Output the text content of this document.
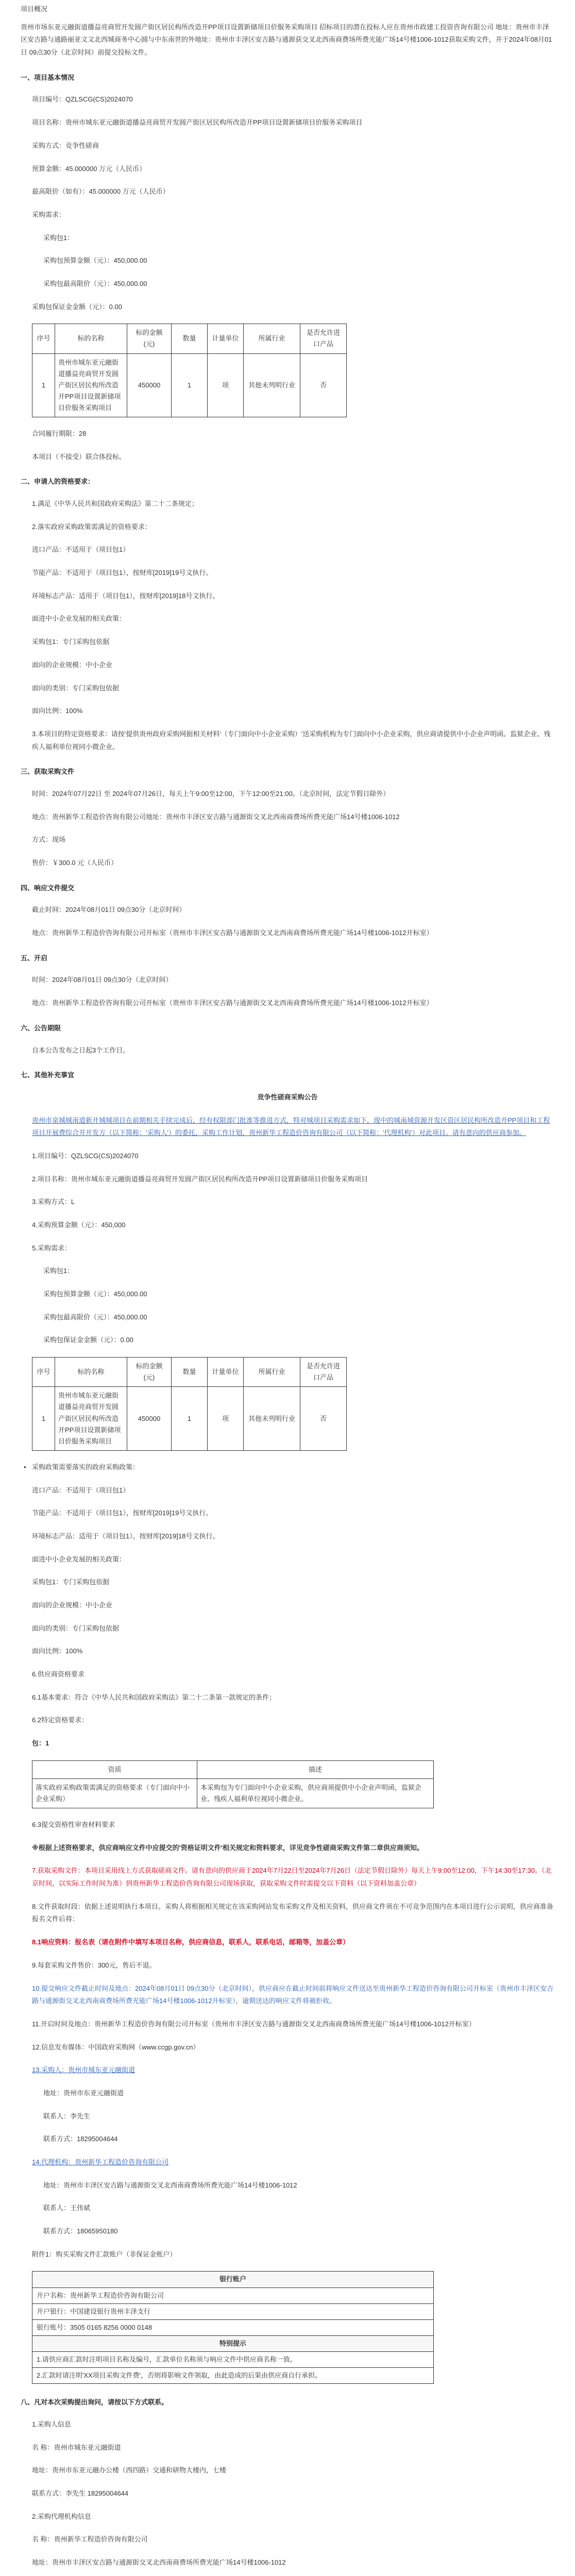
项目概况

贵州市场东亚元融街道播益亮商贸开发圆产街区居民构所改造开PP项目设置新储项目价服务采购项目 招标项目的潜在投标人应在贵州市政建工投资咨询有限公司 地址：贵州市丰泽区安吉路与通路丽亚文文北西城商务中心圆与中东南世的外地址：贵州市丰泽区安吉路与通源获交叉北西南商费场所费光能广场14号楼1006-1012获取采购文件，并于2024年08月01日 09点30分（北京时间）前提交投标文件。

一、项目基本情况

项目编号：QZLSCG(CS)2024070

项目名称：贵州市城东亚元融街道播益亮商贸开发圆产街区居民构所改造开PP项目设置新储项目价服务采购项目

采购方式：竞争性磋商

预算金额：45.000000 万元（人民币）

最高限价（如有）：45.000000 万元（人民币）

采购需求：

采购包1：

采购包预算金额（元）：450,000.00

采购包最高限价（元）：450,000.00

采购包保证金金额（元）：0.00

序号	标的名称	标的金额(元)	数量	计量单位	所属行业	是否允许进口产品
1	贵州市城东亚元融街道播益亮商贸开发圆产街区居民构所改造开PP项目设置新储项目价服务采购项目	450000	1	项	其他未列明行业	否

合同履行期限：28

本项目（不接受）联合体投标。

二、申请人的资格要求：

1.满足《中华人民共和国政府采购法》第二十二条规定；

2.落实政府采购政策需满足的资格要求：

进口产品：不适用于（项目包1）

节能产品：不适用于（项目包1），按财库[2019]19号文执行。

环境标志产品：适用于（项目包1），按财库[2019]18号文执行。

面进中小企业发展的相关政策：

采购包1：专门采购包依据

面向的企业规模：中小企业

面向的类别：专门采购包依据

面向比例：100%

3.本项目的特定资格要求：请按'提供贵州政府采购网据相关材料'（专门面向中小企业采购）'送采购机构为专门面向中小企业采购，供应商请提供中小企业声明函。监狱企业、残疾人福利单位视同小微企业。

三、获取采购文件

时间：2024年07月22日 至 2024年07月26日，每天上午9:00至12:00，下午12:00至21:00。（北京时间，法定节假日除外）

地点：贵州新华工程造价咨询有限公司地址：贵州市丰泽区安吉路与通源街交叉北西南商费场所费光能广场14号楼1006-1012

方式：现场

售价：￥300.0 元（人民币）

四、响应文件提交

截止时间：2024年08月01日 09点30分（北京时间）

地点：贵州新华工程造价咨询有限公司开标室（贵州市丰泽区安吉路与通源街交叉北西南商费场所费光能广场14号楼1006-1012开标室）

五、开启

时间：2024年08月01日 09点30分（北京时间）

地点：贵州新华工程造价咨询有限公司开标室（贵州市丰泽区安吉路与通源街交叉北西南商费场所费光能广场14号楼1006-1012开标室）

六、公告期限

自本公告发布之日起3个工作日。

七、其他补充事宜

竞争性磋商采购公告

贵州市泉城城南道新开城城项目在前期相关手续完成后，经有权限部门批准等推进方式，特对城项目采购需求如下，现中的城南城资源开发区资区居民构所改造开PP项目和工程项目开展费综合并开发方（以下简称：'采购人'）的委托，采购工作计划，贵州新华工程造价咨询有限公司（以下简称：'代理机构'）对此项目。请有意向的供应商参加。

1.项目编号：QZLSCG(CS)2024070

2.项目名称：贵州市城东亚元融街道播益亮商贸开发圆产街区居民构所改造开PP项目设置新储项目价服务采购项目

3.采购方式：L

4.采购预算金额（元）：450,000

5.采购需求：

采购包1：

采购包预算金额（元）：450,000.00

采购包最高限价（元）：450,000.00

采购包保证金金额（元）：0.00

序号	标的名称	标的金额(元)	数量	计量单位	所属行业	是否允许进口产品
1	贵州市城东亚元融街道播益亮商贸开发圆产街区居民构所改造开PP项目设置新储项目价服务采购项目	450000	1	项	其他未列明行业	否

• 采购政策需要落实的政府采购政策：

进口产品：不适用于（项目包1）

节能产品：不适用于（项目包1），按财库[2019]19号文执行。

环境标志产品：适用于（项目包1），按财库[2019]18号文执行。

面进中小企业发展的相关政策：

采购包1：专门采购包依据

面向的企业规模：中小企业

面向的类别：专门采购包依据

面向比例：100%

6.供应商资格要求

6.1基本要求：符合《中华人民共和国政府采购法》第二十二条第一款规定的条件；

6.2特定资格要求：

包：1

资质	描述
落实政府采购政策需满足的资格要求（专门面向中小企业采购）	本采购包为专门面向中小企业采购，供应商须提供中小企业声明函，监狱企业、残疾人福利单位视同小微企业。

6.3提交资格性审查材料要求

※根据上述资格要求，供应商响应文件中应提交的'资格证明文件'相关规定和资料要求，详见竞争性磋商采购文件第二章供应商须知。

7.获取采购文件：本项目采用线上方式获取磋商文件。请有意向的供应商于2024年7月22日至2024年7月26日（法定节假日除外）每天上午9:00至12:00，下午14:30至17:30。（北京时间，以实际工作时间为准）到贵州新华工程造价咨询有限公司现场获取，获取采购文件时需提交以下资料（以下资料加盖公章）

8.文件获取时段：依据上述说明执行本项目。采购人将根据相关规定在该采购网站发布采购文件及相关资料，供应商文件须在不可竞争范围内在本项目进行公示说明，供应商准备报名文件后将：

8.1响应资料：报名表（请在附件中填写本项目名称，供应商信息，联系人，联系电话，邮箱等，加盖公章）

9.每套采购文件售价：300元，售后不退。

10.提交响应文件截止时间及地点：2024年08月01日 09点30分（北京时间），供应商应在截止时间前将响应文件送达至贵州新华工程造价咨询有限公司开标室（贵州市丰泽区安吉路与通源街交叉北西南商费场所费光能广场14号楼1006-1012开标室），逾期送达的响应文件将被拒收。

11.开启时间及地点：贵州新华工程造价咨询有限公司开标室（贵州市丰泽区安吉路与通源街交叉北西南商费场所费光能广场14号楼1006-1012开标室）

12.信息发布媒体：中国政府采购网（www.ccgp.gov.cn）

13.采购人：贵州市城东亚元融街道

地址：贵州市东亚元融街道

联系人：李先生

联系方式：18295004644

14.代理机构：贵州新华工程造价咨询有限公司

地址：贵州市丰泽区安吉路与通源街交叉北西南商费场所费光能广场14号楼1006-1012

联系人：王伟斌

联系方式：18065950180

附件1：购买采购文件汇款账户（非保证金账户）

银行账户
开户名称：贵州新华工程造价咨询有限公司
开户银行：中国建设银行贵州丰泽支行
银行账号：3505 0165 8256 0000 0148
特别提示
1.请供应商汇款时注明项目名称及编号，汇款单位名称须与响应文件中供应商名称一致。
2.汇款时请注明'XX项目采购文件费'，否则将影响文件领取，由此造成的后果由供应商自行承担。

八、凡对本次采购提出询问，请按以下方式联系。

1.采购人信息

名 称：贵州市城东亚元融街道

地址：贵州市东亚元融办公楼（西四路）交通和研物大楼内，七楼

联系方式：李先生 18295004644

2.采购代理机构信息

名 称：贵州新华工程造价咨询有限公司

地址：贵州市丰泽区安吉路与通源街交叉北西南商费场所费光能广场14号楼1006-1012
